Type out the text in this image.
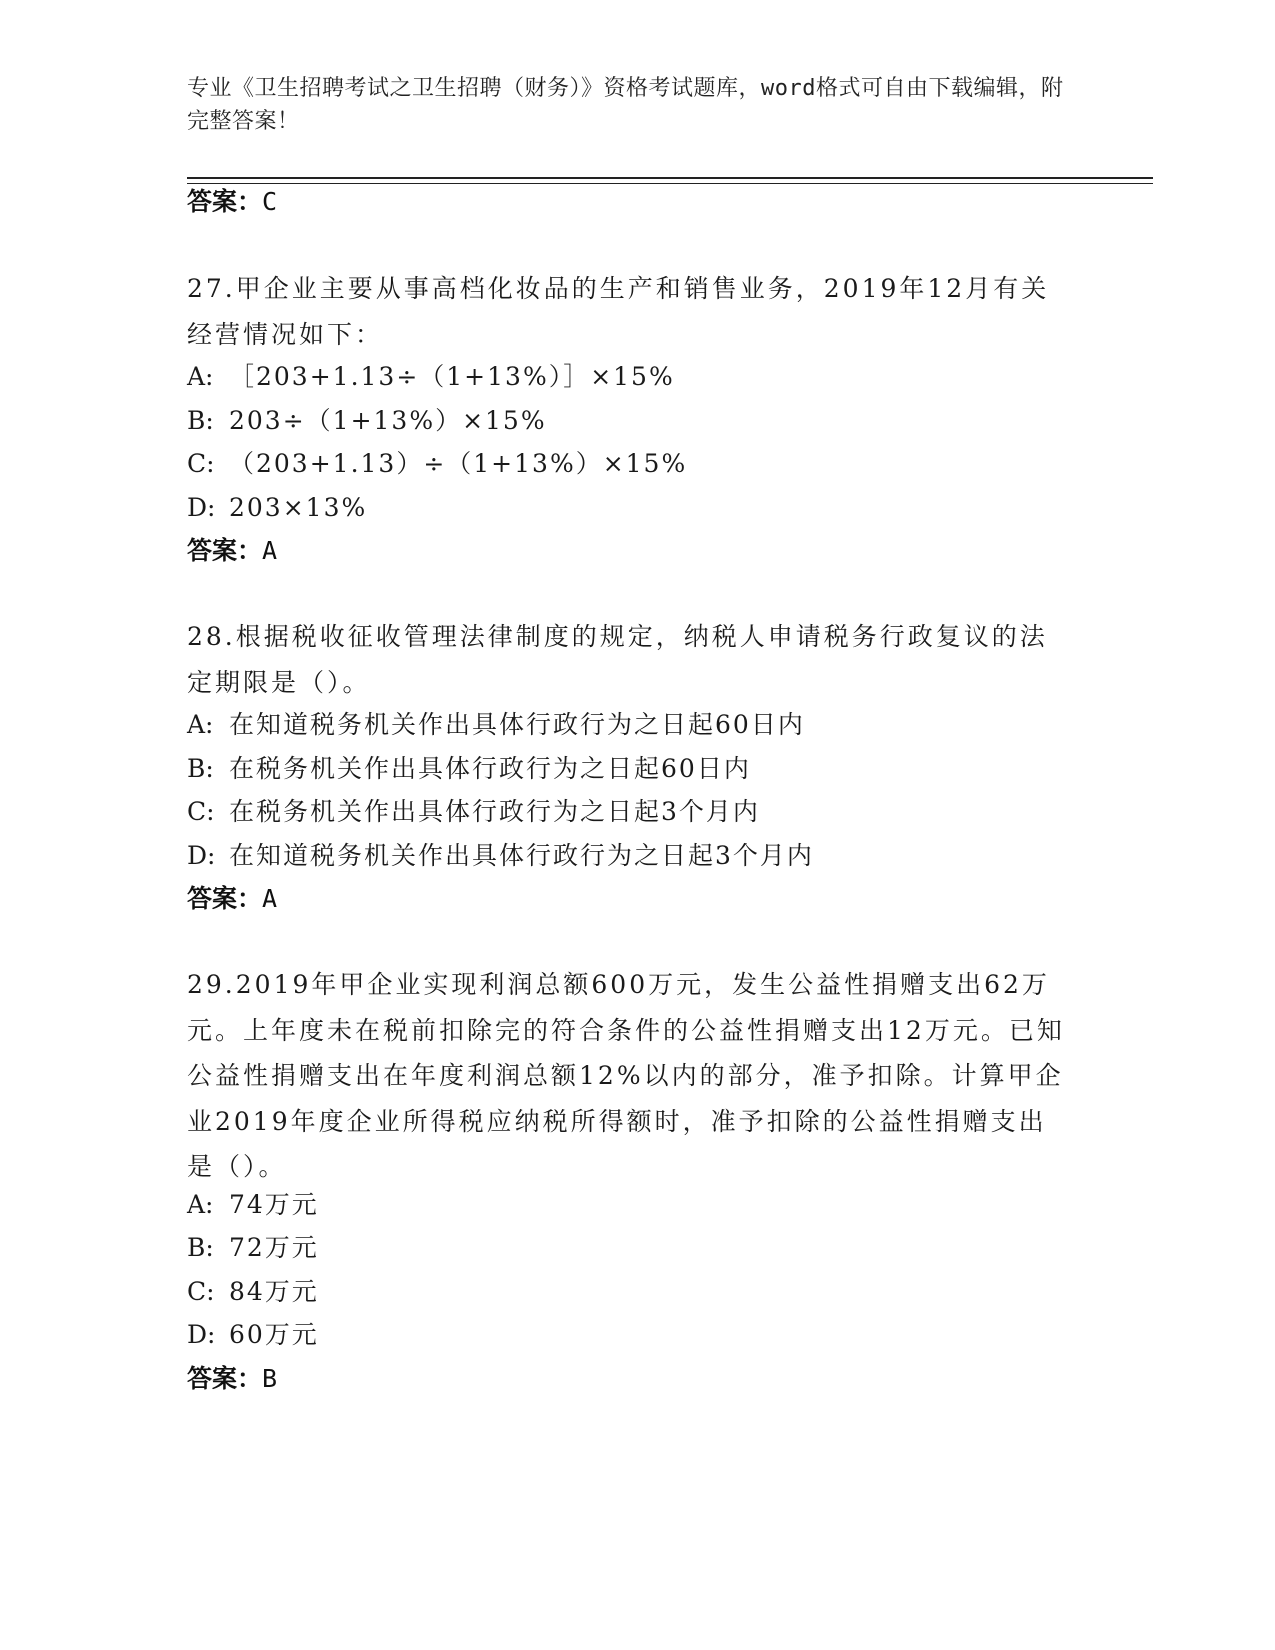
专业《卫生招聘考试之卫生招聘（财务）》资格考试题库，word格式可自由下载编辑，附完整答案！
答案：C
27.甲企业主要从事高档化妆品的生产和销售业务，2019年12月有关经营情况如下：
A: ［203+1.13÷（1+13%）］×15%
B: 203÷（1+13%）×15%
C: （203+1.13）÷（1+13%）×15%
D: 203×13%
答案：A
28.根据税收征收管理法律制度的规定，纳税人申请税务行政复议的法定期限是（）。
A: 在知道税务机关作出具体行政行为之日起60日内
B: 在税务机关作出具体行政行为之日起60日内
C: 在税务机关作出具体行政行为之日起3个月内
D: 在知道税务机关作出具体行政行为之日起3个月内
答案：A
29.2019年甲企业实现利润总额600万元，发生公益性捐赠支出62万元。上年度未在税前扣除完的符合条件的公益性捐赠支出12万元。已知公益性捐赠支出在年度利润总额12%以内的部分，准予扣除。计算甲企业2019年度企业所得税应纳税所得额时，准予扣除的公益性捐赠支出是（）。
A: 74万元
B: 72万元
C: 84万元
D: 60万元
答案：B
